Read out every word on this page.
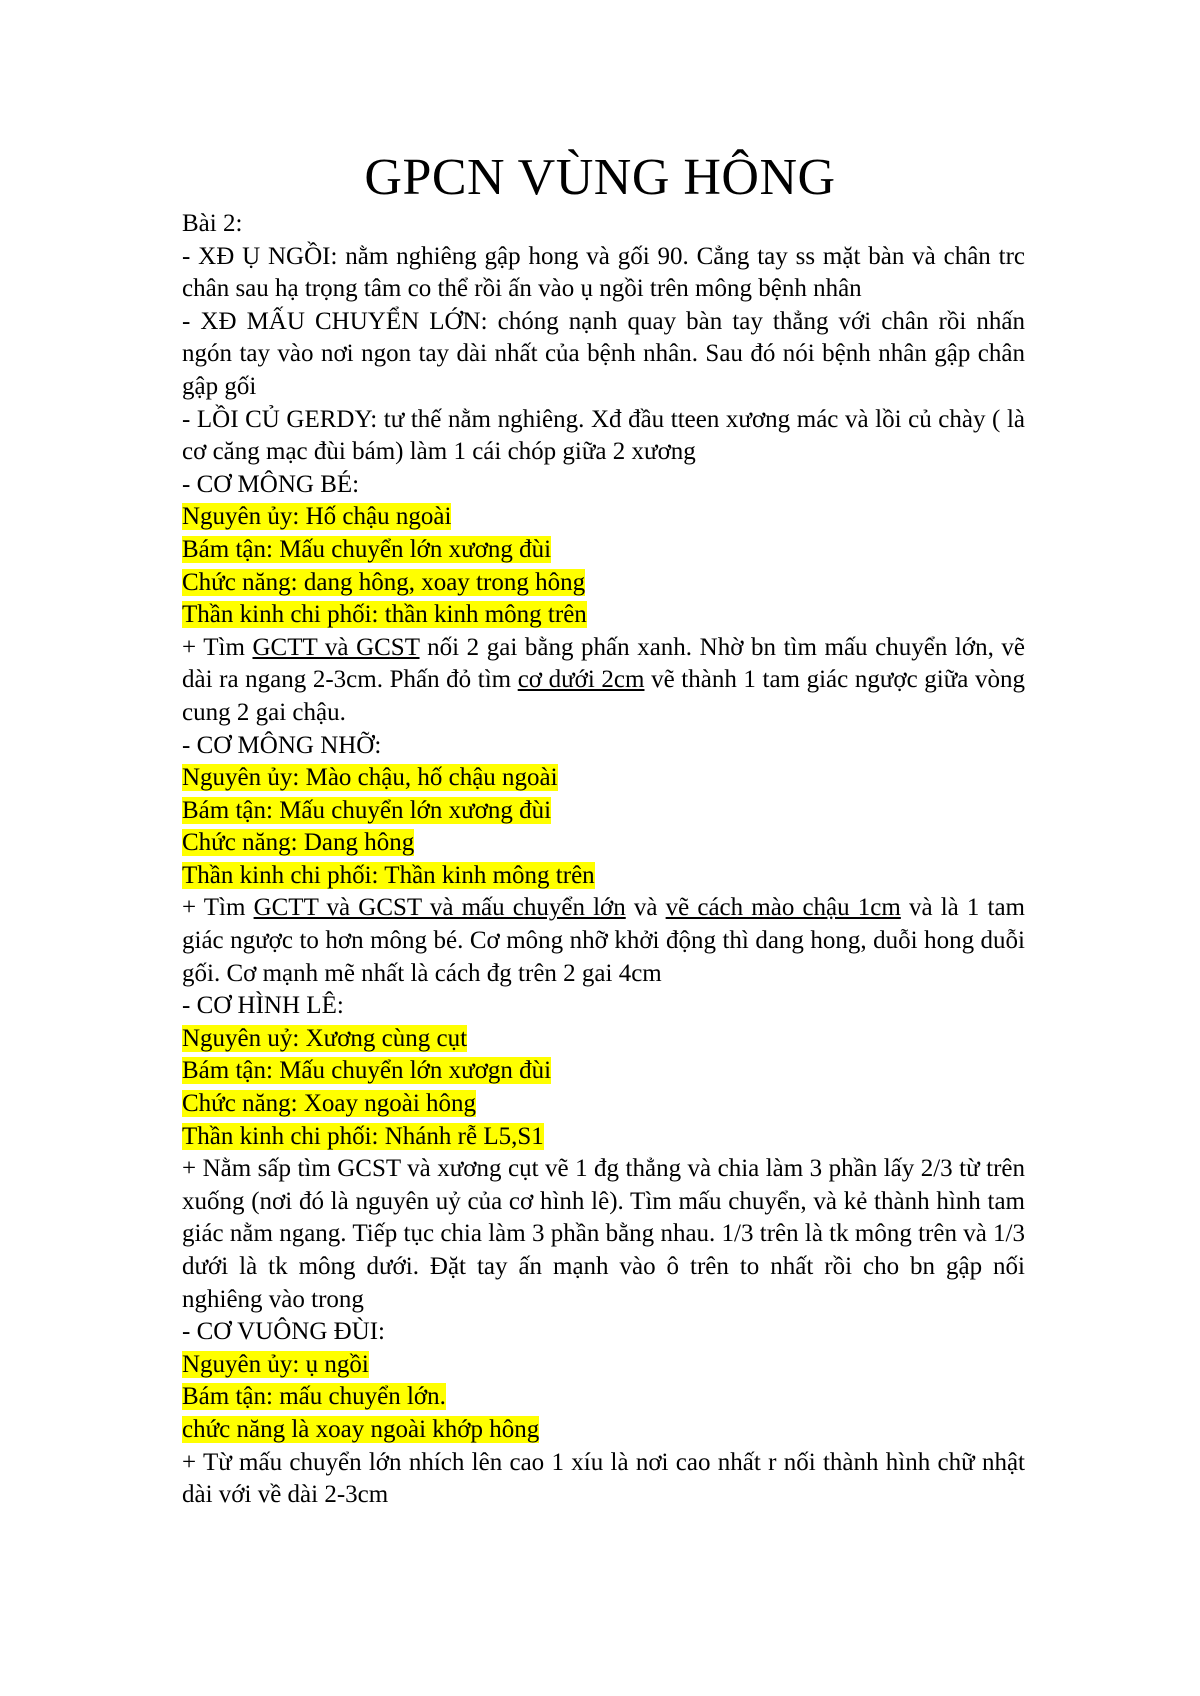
GPCN VÙNG HÔNG

Bài 2:

- XĐ Ụ NGỒI: nằm nghiêng gập hong và gối 90. Cẳng tay ss mặt bàn và chân trc chân sau hạ trọng tâm co thể rồi ấn vào ụ ngồi trên mông bệnh nhân

- XĐ MẤU CHUYỂN LỚN: chóng nạnh quay bàn tay thẳng với chân rồi nhấn ngón tay vào nơi ngon tay dài nhất của bệnh nhân. Sau đó nói bệnh nhân gập chân gập gối

- LỒI CỦ GERDY: tư thế nằm nghiêng. Xđ đầu tteen xương mác và lồi củ chày ( là cơ căng mạc đùi bám) làm 1 cái chóp giữa 2 xương

- CƠ MÔNG BÉ:

Nguyên ủy: Hố chậu ngoài

Bám tận: Mấu chuyển lớn xương đùi

Chức năng: dang hông, xoay trong hông

Thần kinh chi phối: thần kinh mông trên

+ Tìm GCTT và GCST nối 2 gai bằng phấn xanh. Nhờ bn tìm mấu chuyển lớn, vẽ dài ra ngang 2-3cm. Phấn đỏ tìm cơ dưới 2cm vẽ thành 1 tam giác ngược giữa vòng cung 2 gai chậu.

- CƠ MÔNG NHỠ:

Nguyên ủy: Mào chậu, hố chậu ngoài

Bám tận: Mấu chuyển lớn xương đùi

Chức năng: Dang hông

Thần kinh chi phối: Thần kinh mông trên

+ Tìm GCTT và GCST và mấu chuyển lớn và vẽ cách mào chậu 1cm và là 1 tam giác ngược to hơn mông bé. Cơ mông nhỡ khởi động thì dang hong, duỗi hong duỗi gối. Cơ mạnh mẽ nhất là cách đg trên 2 gai 4cm

- CƠ HÌNH LÊ:

Nguyên uỷ: Xương cùng cụt

Bám tận: Mấu chuyển lớn xươgn đùi

Chức năng: Xoay ngoài hông

Thần kinh chi phối: Nhánh rễ L5,S1

+ Nằm sấp tìm GCST và xương cụt vẽ 1 đg thẳng và chia làm 3 phần lấy 2/3 từ trên xuống (nơi đó là nguyên uỷ của cơ hình lê). Tìm mấu chuyển, và kẻ thành hình tam giác nằm ngang. Tiếp tục chia làm 3 phần bằng nhau. 1/3 trên là tk mông trên và 1/3 dưới là tk mông dưới. Đặt tay ấn mạnh vào ô trên to nhất rồi cho bn gập nối nghiêng vào trong

- CƠ VUÔNG ĐÙI:

Nguyên ủy: ụ ngồi

Bám tận: mấu chuyển lớn.

chức năng là xoay ngoài khớp hông

+ Từ mấu chuyển lớn nhích lên cao 1 xíu là nơi cao nhất r nối thành hình chữ nhật dài với về dài 2-3cm
